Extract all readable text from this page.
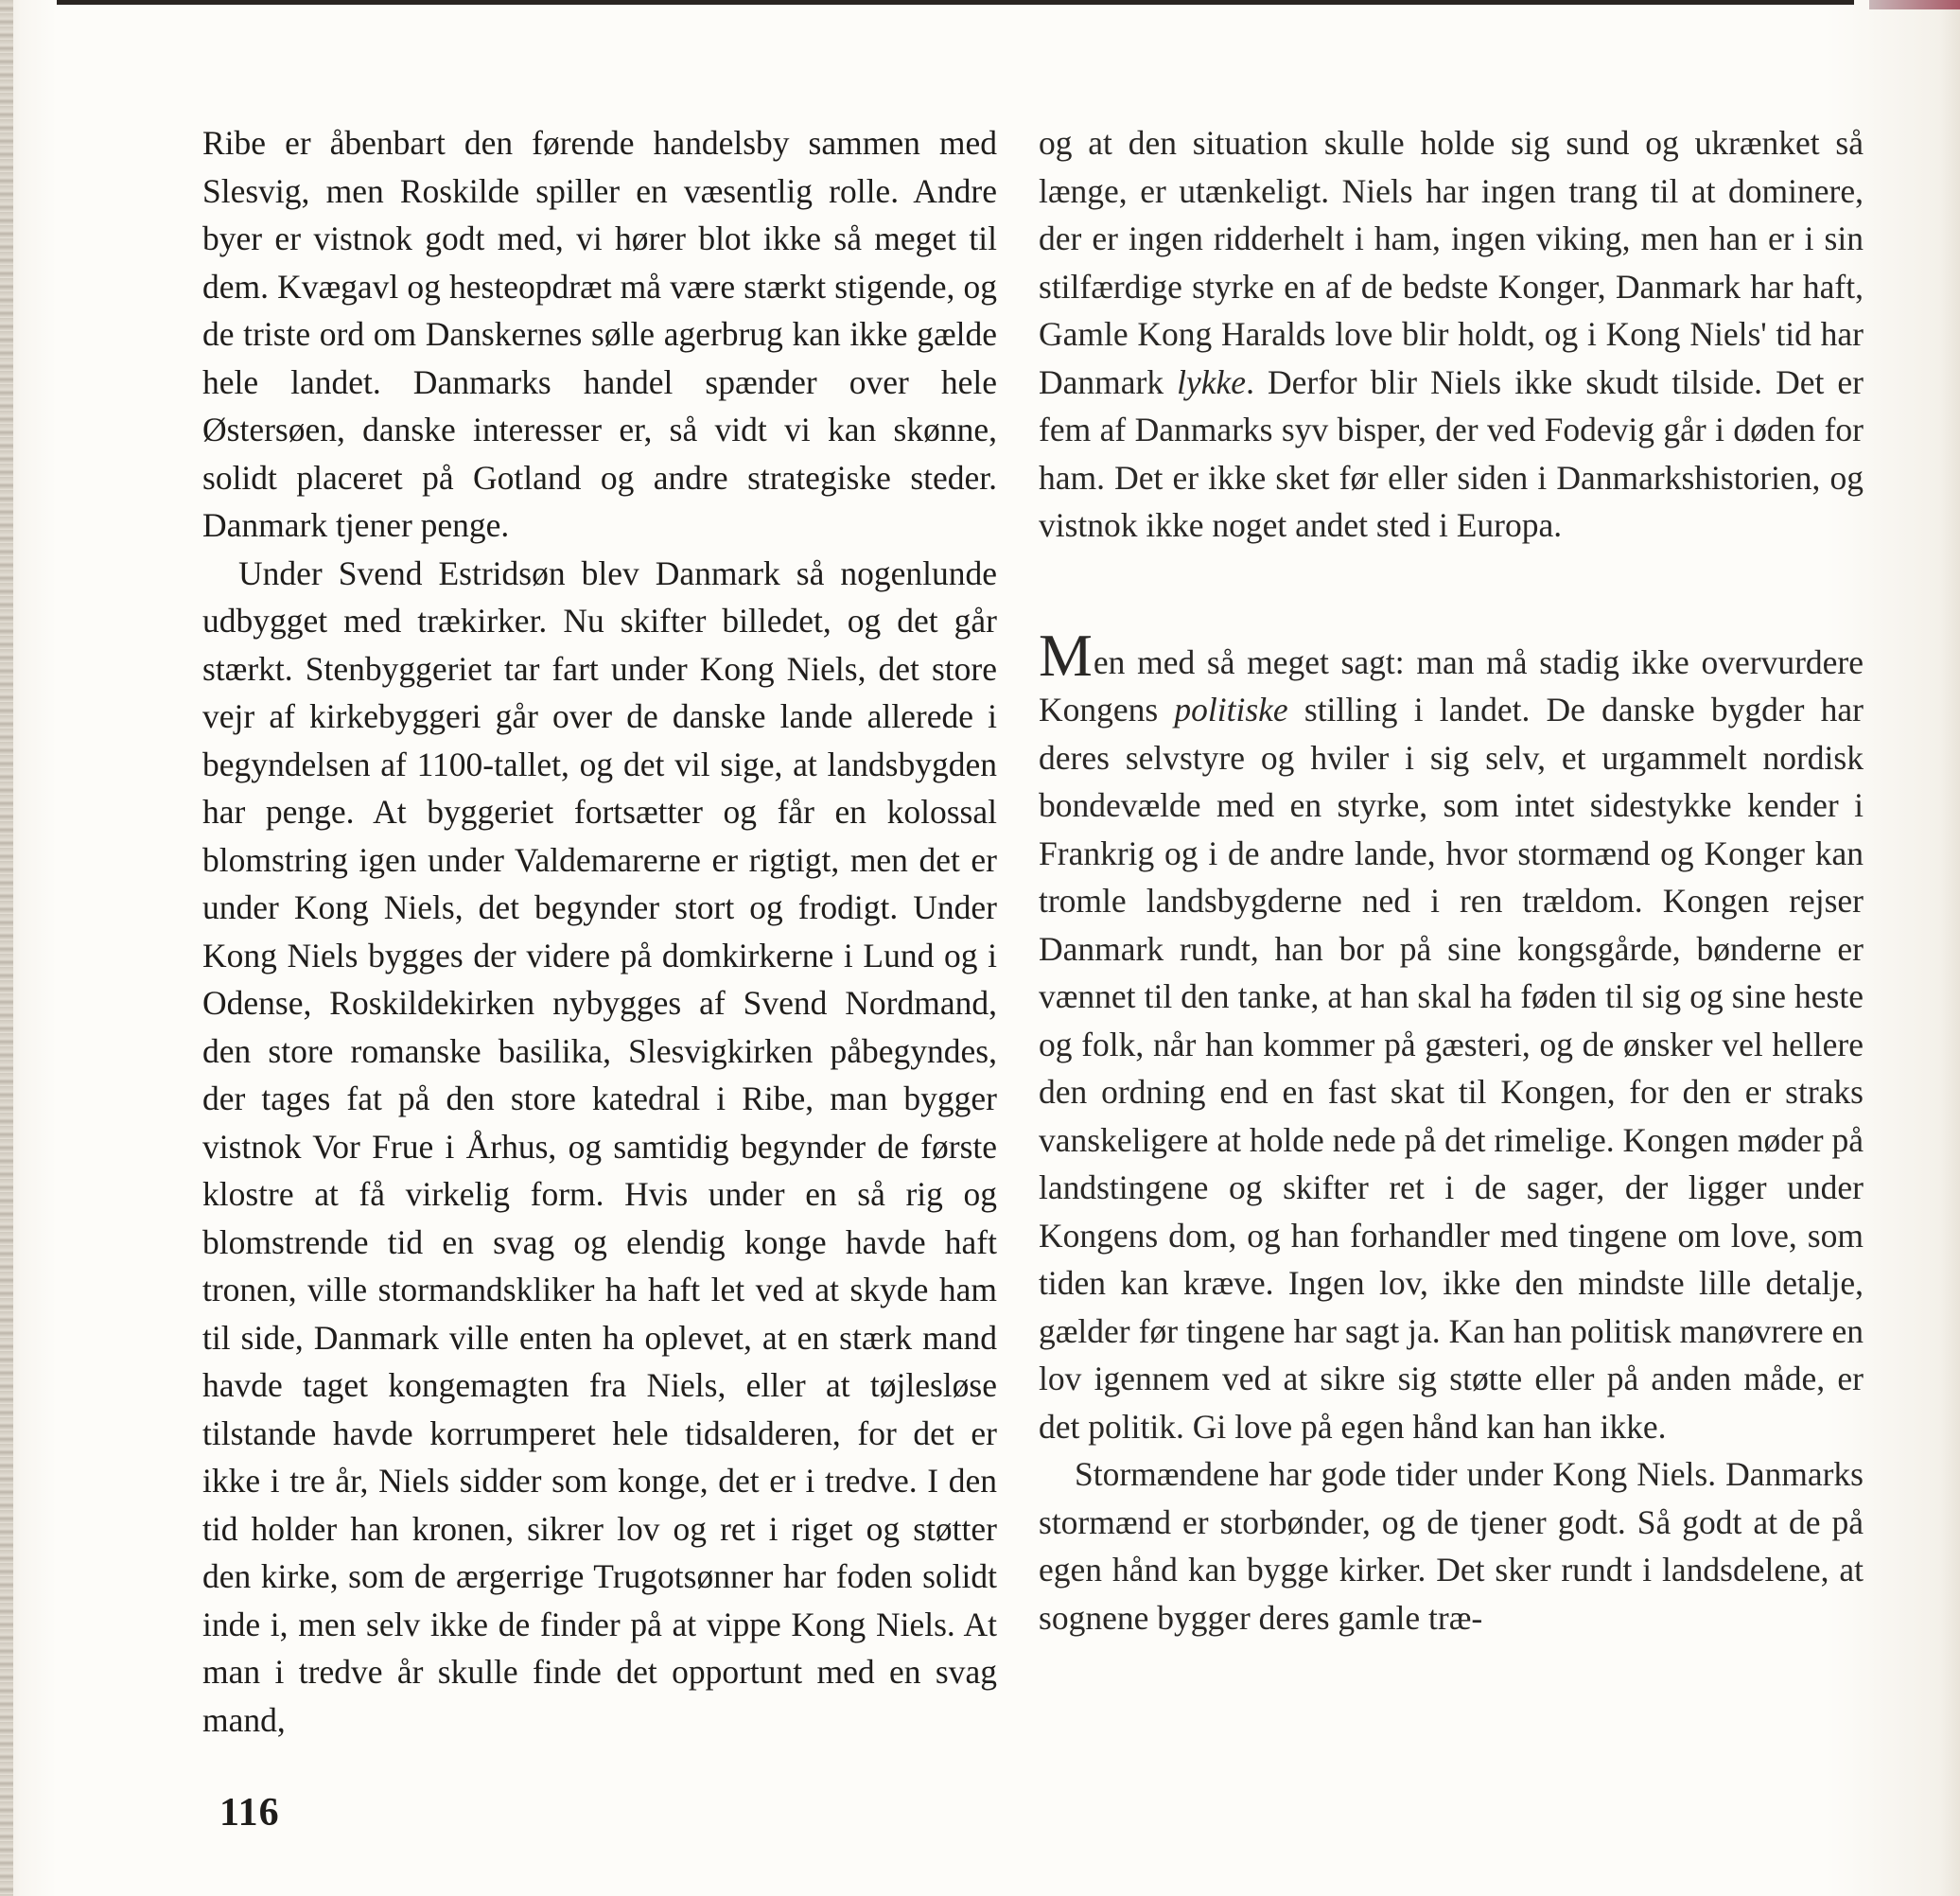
Ribe er åbenbart den førende handelsby sammen med Slesvig, men Roskilde spiller en væsentlig rolle. Andre byer er vistnok godt med, vi hører blot ikke så meget til dem. Kvægavl og hesteopdræt må være stærkt stigende, og de triste ord om Danskernes sølle agerbrug kan ikke gælde hele landet. Danmarks handel spænder over hele Østersøen, danske interesser er, så vidt vi kan skønne, solidt placeret på Gotland og andre strategiske steder. Danmark tjener penge.

Under Svend Estridsøn blev Danmark så nogenlunde udbygget med trækirker. Nu skifter billedet, og det går stærkt. Stenbyggeriet tar fart under Kong Niels, det store vejr af kirkebyggeri går over de danske lande allerede i begyndelsen af 1100-tallet, og det vil sige, at landsbygden har penge. At byggeriet fortsætter og får en kolossal blomstring igen under Valdemarerne er rigtigt, men det er under Kong Niels, det begynder stort og frodigt. Under Kong Niels bygges der videre på domkirkerne i Lund og i Odense, Roskildekirken nybygges af Svend Nordmand, den store romanske basilika, Slesvigkirken påbegyndes, der tages fat på den store katedral i Ribe, man bygger vistnok Vor Frue i Århus, og samtidig begynder de første klostre at få virkelig form. Hvis under en så rig og blomstrende tid en svag og elendig konge havde haft tronen, ville stormandskliker ha haft let ved at skyde ham til side, Danmark ville enten ha oplevet, at en stærk mand havde taget kongemagten fra Niels, eller at tøjlesløse tilstande havde korrumperet hele tidsalderen, for det er ikke i tre år, Niels sidder som konge, det er i tredve. I den tid holder han kronen, sikrer lov og ret i riget og støtter den kirke, som de ærgerrige Trugotsønner har foden solidt inde i, men selv ikke de finder på at vippe Kong Niels. At man i tredve år skulle finde det opportunt med en svag mand,

og at den situation skulle holde sig sund og ukrænket så længe, er utænkeligt. Niels har ingen trang til at dominere, der er ingen ridderhelt i ham, ingen viking, men han er i sin stilfærdige styrke en af de bedste Konger, Danmark har haft, Gamle Kong Haralds love blir holdt, og i Kong Niels' tid har Danmark lykke. Derfor blir Niels ikke skudt tilside. Det er fem af Danmarks syv bisper, der ved Fodevig går i døden for ham. Det er ikke sket før eller siden i Danmarkshistorien, og vistnok ikke noget andet sted i Europa.

Men med så meget sagt: man må stadig ikke overvurdere Kongens politiske stilling i landet. De danske bygder har deres selvstyre og hviler i sig selv, et urgammelt nordisk bondevælde med en styrke, som intet sidestykke kender i Frankrig og i de andre lande, hvor stormænd og Konger kan tromle landsbygderne ned i ren trældom. Kongen rejser Danmark rundt, han bor på sine kongsgårde, bønderne er vænnet til den tanke, at han skal ha føden til sig og sine heste og folk, når han kommer på gæsteri, og de ønsker vel hellere den ordning end en fast skat til Kongen, for den er straks vanskeligere at holde nede på det rimelige. Kongen møder på landstingene og skifter ret i de sager, der ligger under Kongens dom, og han forhandler med tingene om love, som tiden kan kræve. Ingen lov, ikke den mindste lille detalje, gælder før tingene har sagt ja. Kan han politisk manøvrere en lov igennem ved at sikre sig støtte eller på anden måde, er det politik. Gi love på egen hånd kan han ikke.

Stormændene har gode tider under Kong Niels. Danmarks stormænd er storbønder, og de tjener godt. Så godt at de på egen hånd kan bygge kirker. Det sker rundt i landsdelene, at sognene bygger deres gamle træ-

116
